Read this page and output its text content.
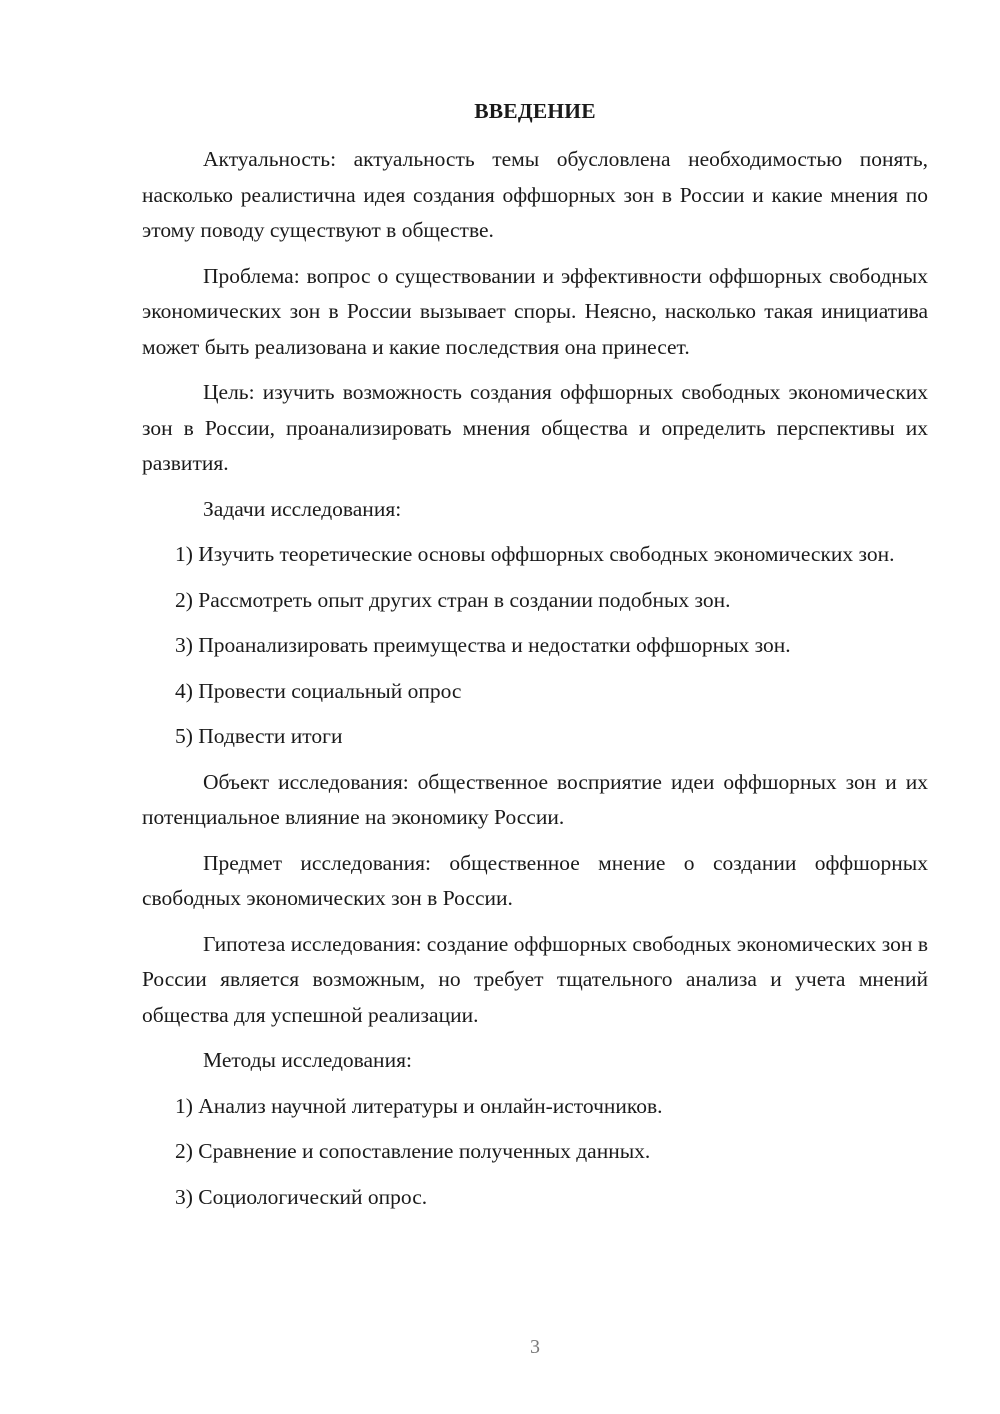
ВВЕДЕНИЕ

Актуальность: актуальность темы обусловлена необходимостью понять, насколько реалистична идея создания оффшорных зон в России и какие мнения по этому поводу существуют в обществе.

Проблема: вопрос о существовании и эффективности оффшорных свободных экономических зон в России вызывает споры. Неясно, насколько такая инициатива может быть реализована и какие последствия она принесет.

Цель: изучить возможность создания оффшорных свободных экономических зон в России, проанализировать мнения общества и определить перспективы их развития.

Задачи исследования:

1) Изучить теоретические основы оффшорных свободных экономических зон.

2) Рассмотреть опыт других стран в создании подобных зон.

3) Проанализировать преимущества и недостатки оффшорных зон.

4) Провести социальный опрос

5) Подвести итоги

Объект исследования: общественное восприятие идеи оффшорных зон и их потенциальное влияние на экономику России.

Предмет исследования: общественное мнение о создании оффшорных свободных экономических зон в России.

Гипотеза исследования: создание оффшорных свободных экономических зон в России является возможным, но требует тщательного анализа и учета мнений общества для успешной реализации.

Методы исследования:

1) Анализ научной литературы и онлайн-источников.

2) Сравнение и сопоставление полученных данных.

3) Социологический опрос.

3
